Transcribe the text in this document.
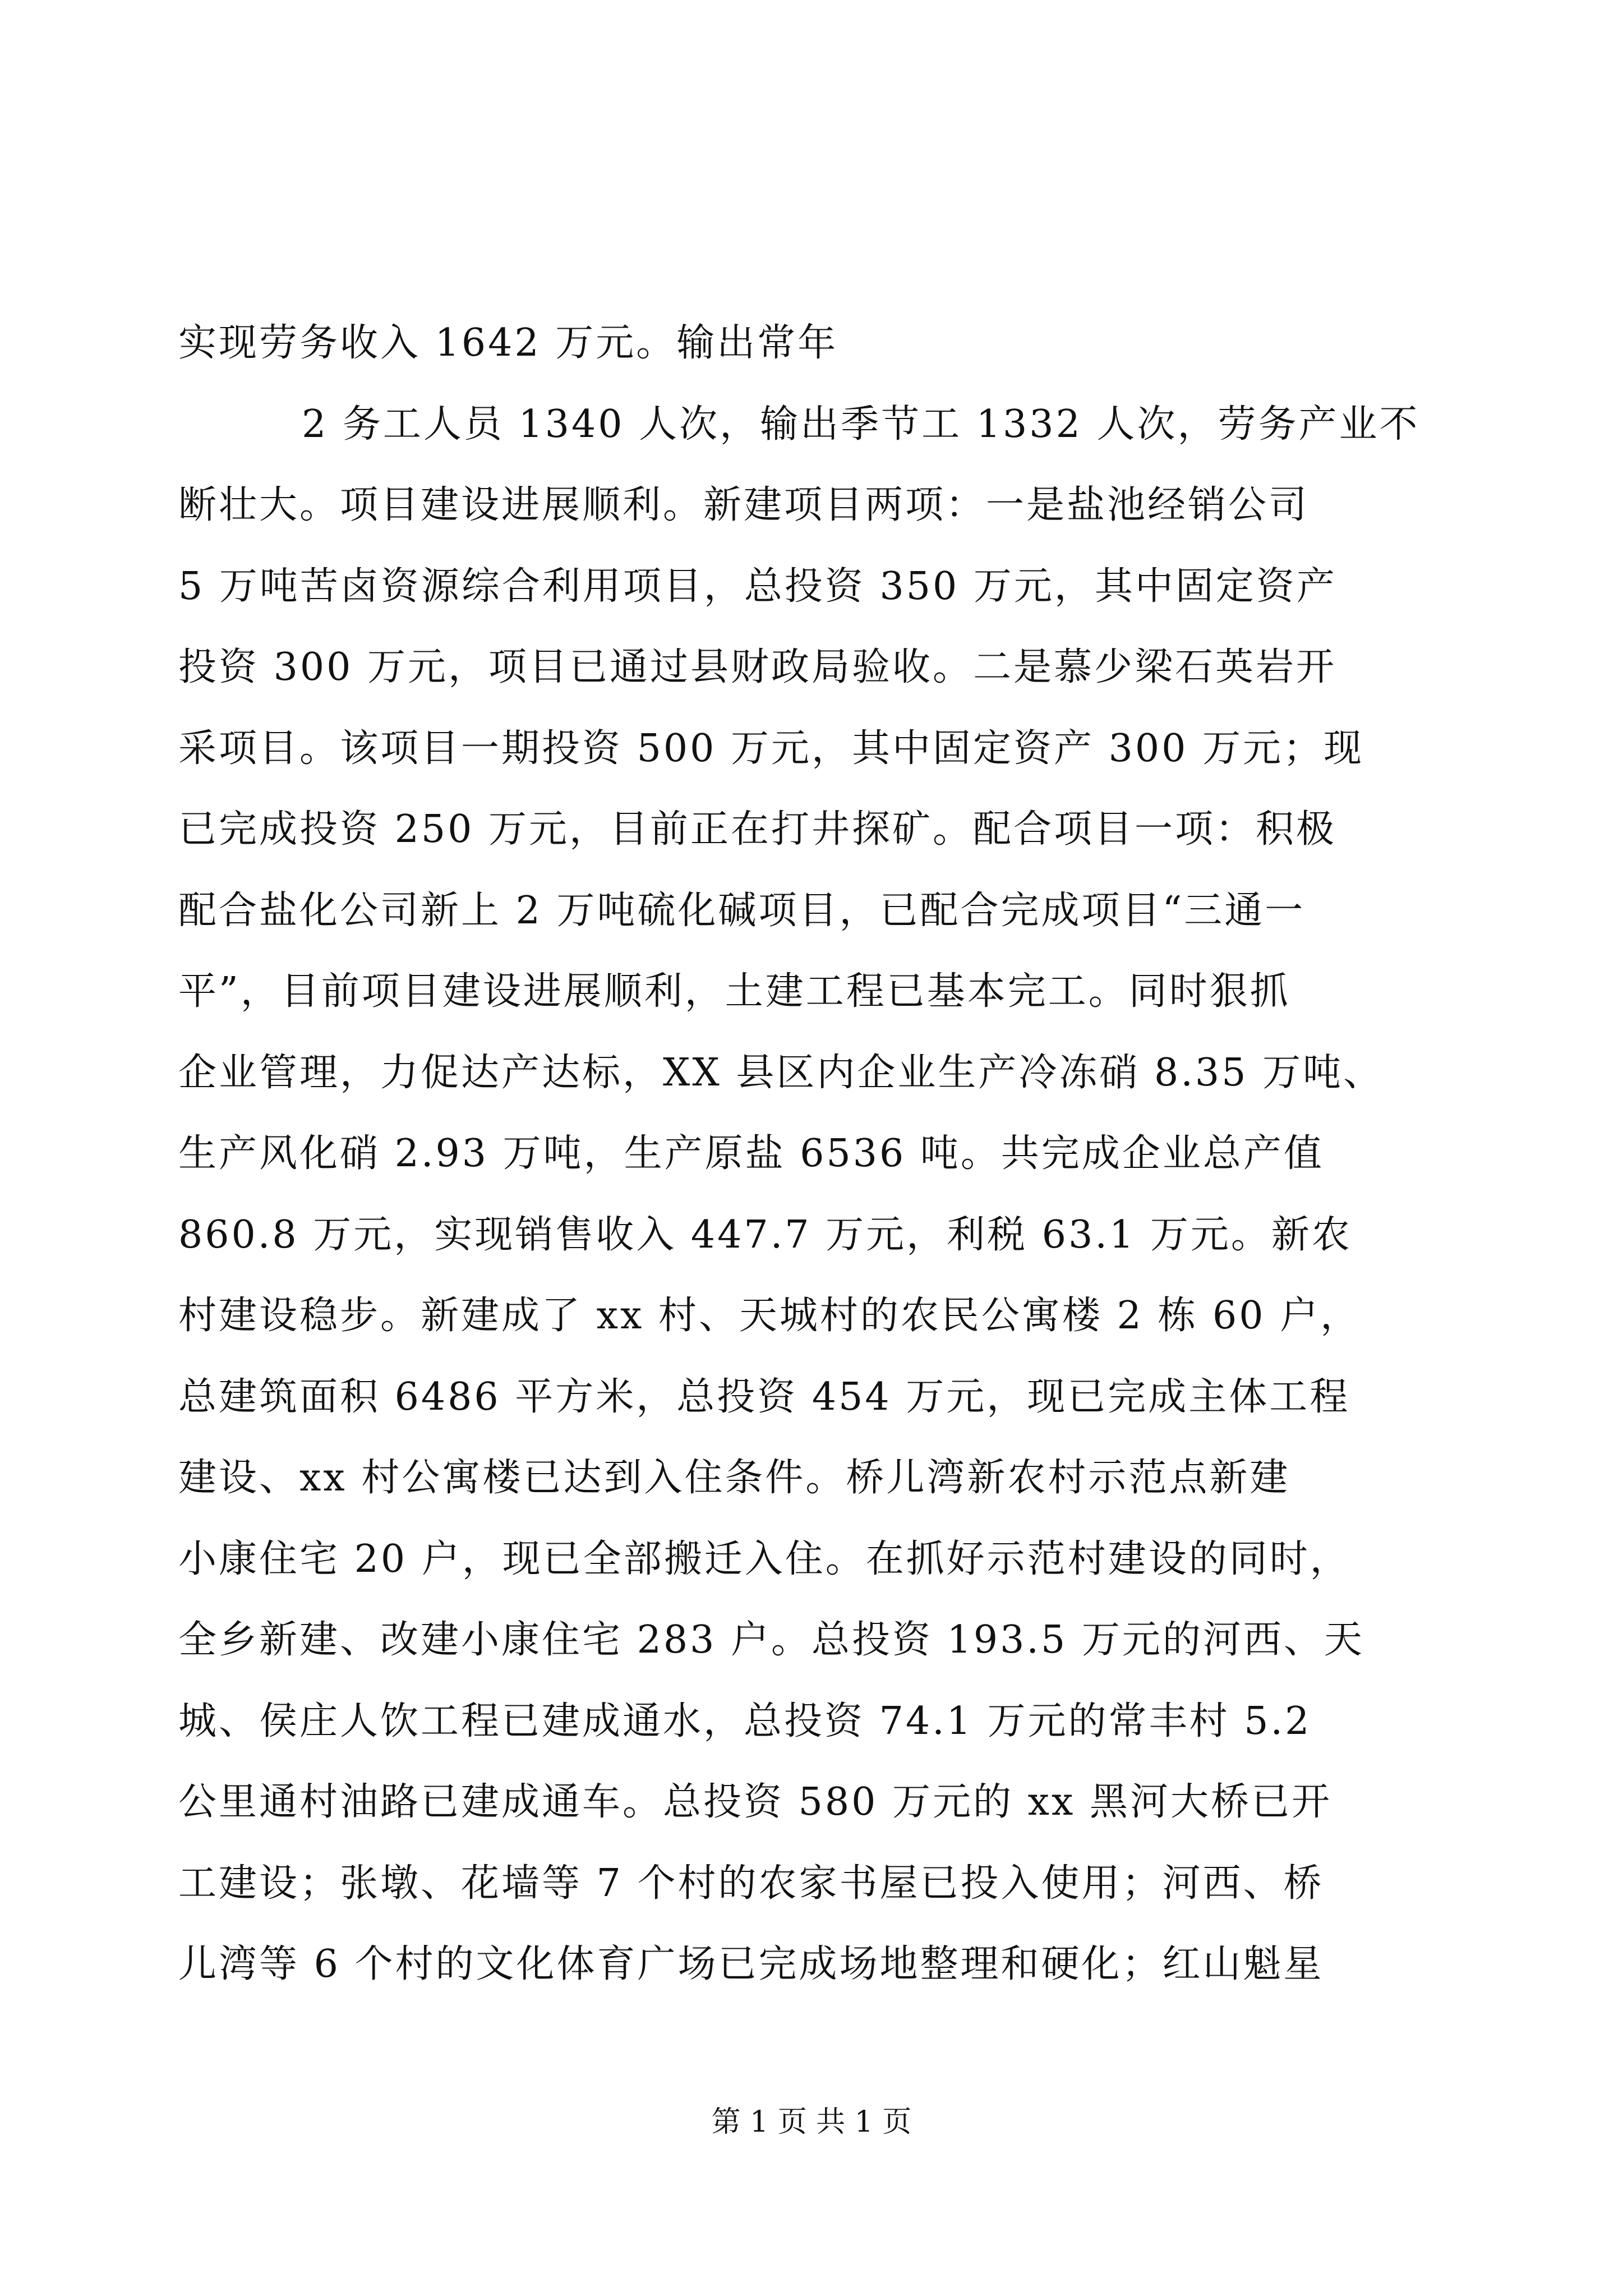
实现劳务收入 1642 万元。输出常年
2 务工人员 1340 人次，输出季节工 1332 人次，劳务产业不
断壮大。项目建设进展顺利。新建项目两项：一是盐池经销公司
5 万吨苦卤资源综合利用项目，总投资 350 万元，其中固定资产
投资 300 万元，项目已通过县财政局验收。二是慕少梁石英岩开
采项目。该项目一期投资 500 万元，其中固定资产 300 万元；现
已完成投资 250 万元，目前正在打井探矿。配合项目一项：积极
配合盐化公司新上 2 万吨硫化碱项目，已配合完成项目“三通一
平”，目前项目建设进展顺利，土建工程已基本完工。同时狠抓
企业管理，力促达产达标，XX 县区内企业生产冷冻硝 8.35 万吨、
生产风化硝 2.93 万吨，生产原盐 6536 吨。共完成企业总产值
860.8 万元，实现销售收入 447.7 万元，利税 63.1 万元。新农
村建设稳步。新建成了 xx 村、天城村的农民公寓楼 2 栋 60 户，
总建筑面积 6486 平方米，总投资 454 万元，现已完成主体工程
建设、xx 村公寓楼已达到入住条件。桥儿湾新农村示范点新建
小康住宅 20 户，现已全部搬迁入住。在抓好示范村建设的同时，
全乡新建、改建小康住宅 283 户。总投资 193.5 万元的河西、天
城、侯庄人饮工程已建成通水，总投资 74.1 万元的常丰村 5.2
公里通村油路已建成通车。总投资 580 万元的 xx 黑河大桥已开
工建设；张墩、花墙等 7 个村的农家书屋已投入使用；河西、桥
儿湾等 6 个村的文化体育广场已完成场地整理和硬化；红山魁星
第 1 页 共 1 页
